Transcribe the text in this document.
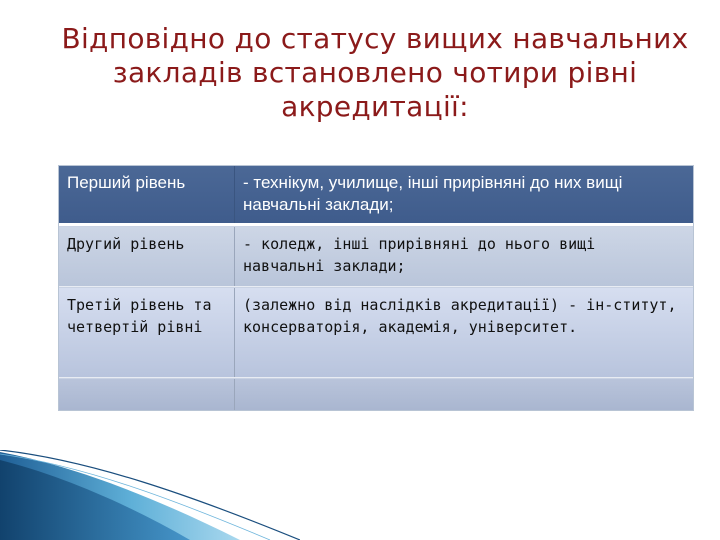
Відповідно до статусу вищих навчальних
закладів встановлено чотири рівні
акредитації:
Перший рівень	- технікум, училище, інші прирівняні до них вищі навчальні заклади;
Другий рівень	- коледж, інші прирівняні до нього вищі навчальні заклади;
Третій рівень та четвертій рівні
(залежно від наслідків акредитації) - ін-ститут, консерваторія, академія, університет.
